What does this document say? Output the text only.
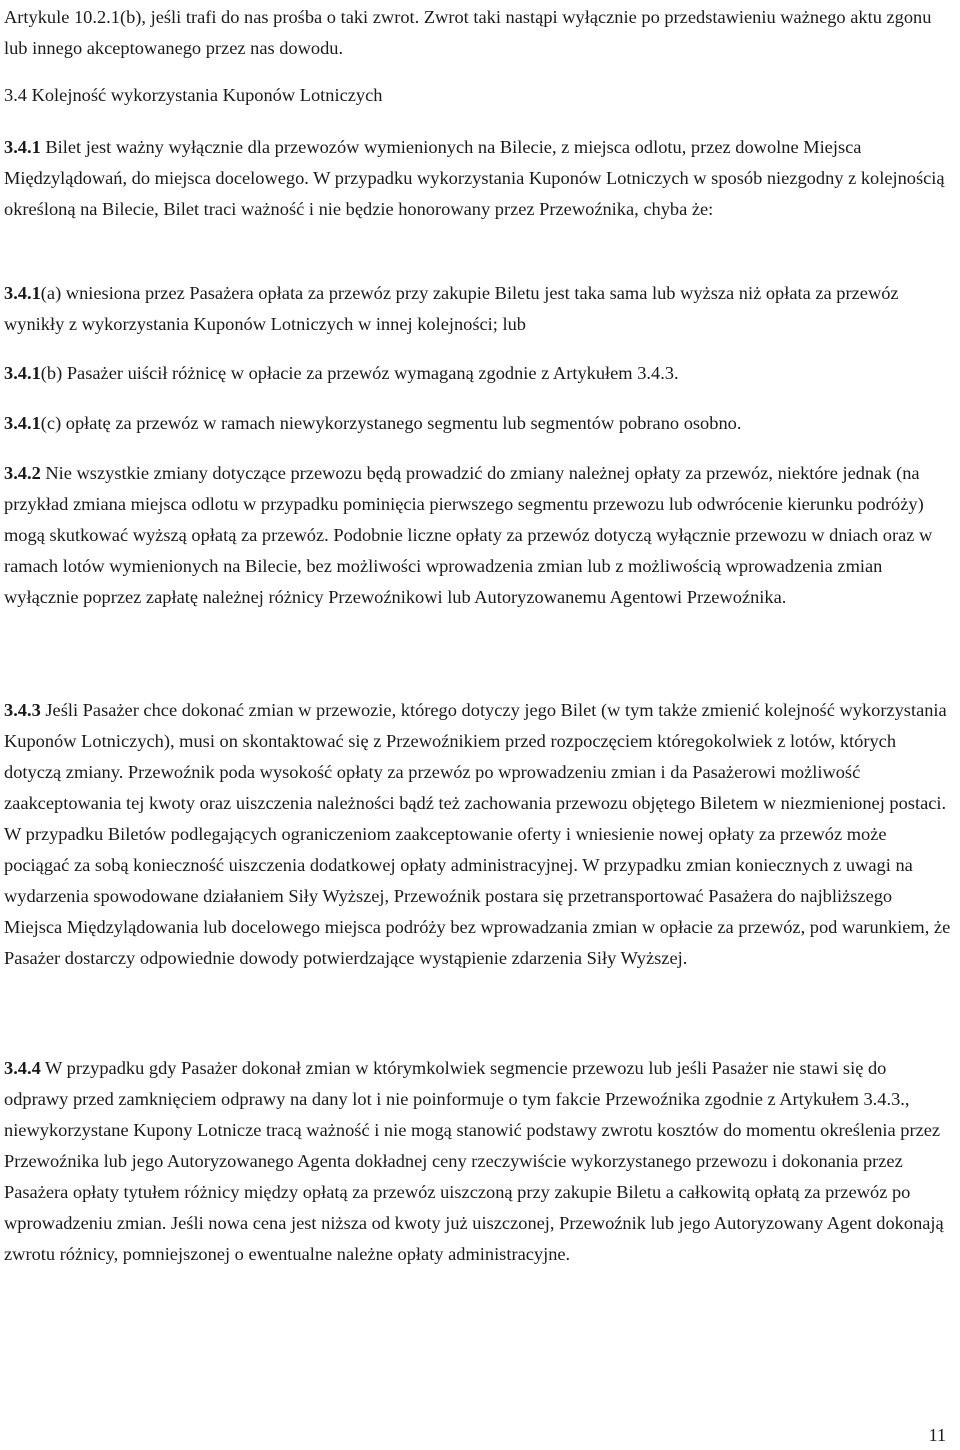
Artykule 10.2.1(b), jeśli trafi do nas prośba o taki zwrot. Zwrot taki nastąpi wyłącznie po przedstawieniu ważnego aktu zgonu lub innego akceptowanego przez nas dowodu.

3.4 Kolejność wykorzystania Kuponów Lotniczych

3.4.1 Bilet jest ważny wyłącznie dla przewozów wymienionych na Bilecie, z miejsca odlotu, przez dowolne Miejsca Międzylądowań, do miejsca docelowego. W przypadku wykorzystania Kuponów Lotniczych w sposób niezgodny z kolejnością określoną na Bilecie, Bilet traci ważność i nie będzie honorowany przez Przewoźnika, chyba że:

3.4.1(a) wniesiona przez Pasażera opłata za przewóz przy zakupie Biletu jest taka sama lub wyższa niż opłata za przewóz wynikły z wykorzystania Kuponów Lotniczych w innej kolejności; lub

3.4.1(b) Pasażer uiścił różnicę w opłacie za przewóz wymaganą zgodnie z Artykułem 3.4.3.

3.4.1(c) opłatę za przewóz w ramach niewykorzystanego segmentu lub segmentów pobrano osobno.

3.4.2 Nie wszystkie zmiany dotyczące przewozu będą prowadzić do zmiany należnej opłaty za przewóz, niektóre jednak (na przykład zmiana miejsca odlotu w przypadku pominięcia pierwszego segmentu przewozu lub odwrócenie kierunku podróży) mogą skutkować wyższą opłatą za przewóz. Podobnie liczne opłaty za przewóz dotyczą wyłącznie przewozu w dniach oraz w ramach lotów wymienionych na Bilecie, bez możliwości wprowadzenia zmian lub z możliwością wprowadzenia zmian wyłącznie poprzez zapłatę należnej różnicy Przewoźnikowi lub Autoryzowanemu Agentowi Przewoźnika.

3.4.3 Jeśli Pasażer chce dokonać zmian w przewozie, którego dotyczy jego Bilet (w tym także zmienić kolejność wykorzystania Kuponów Lotniczych), musi on skontaktować się z Przewoźnikiem przed rozpoczęciem któregokolwiek z lotów, których dotyczą zmiany. Przewoźnik poda wysokość opłaty za przewóz po wprowadzeniu zmian i da Pasażerowi możliwość zaakceptowania tej kwoty oraz uiszczenia należności bądź też zachowania przewozu objętego Biletem w niezmienionej postaci. W przypadku Biletów podlegających ograniczeniom zaakceptowanie oferty i wniesienie nowej opłaty za przewóz może pociągać za sobą konieczność uiszczenia dodatkowej opłaty administracyjnej. W przypadku zmian koniecznych z uwagi na wydarzenia spowodowane działaniem Siły Wyższej, Przewoźnik postara się przetransportować Pasażera do najbliższego Miejsca Międzylądowania lub docelowego miejsca podróży bez wprowadzania zmian w opłacie za przewóz, pod warunkiem, że Pasażer dostarczy odpowiednie dowody potwierdzające wystąpienie zdarzenia Siły Wyższej.

3.4.4 W przypadku gdy Pasażer dokonał zmian w którymkolwiek segmencie przewozu lub jeśli Pasażer nie stawi się do odprawy przed zamknięciem odprawy na dany lot i nie poinformuje o tym fakcie Przewoźnika zgodnie z Artykułem 3.4.3., niewykorzystane Kupony Lotnicze tracą ważność i nie mogą stanowić podstawy zwrotu kosztów do momentu określenia przez Przewoźnika lub jego Autoryzowanego Agenta dokładnej ceny rzeczywiście wykorzystanego przewozu i dokonania przez Pasażera opłaty tytułem różnicy między opłatą za przewóz uiszczoną przy zakupie Biletu a całkowitą opłatą za przewóz po wprowadzeniu zmian. Jeśli nowa cena jest niższa od kwoty już uiszczonej, Przewoźnik lub jego Autoryzowany Agent dokonają zwrotu różnicy, pomniejszonej o ewentualne należne opłaty administracyjne.

11
